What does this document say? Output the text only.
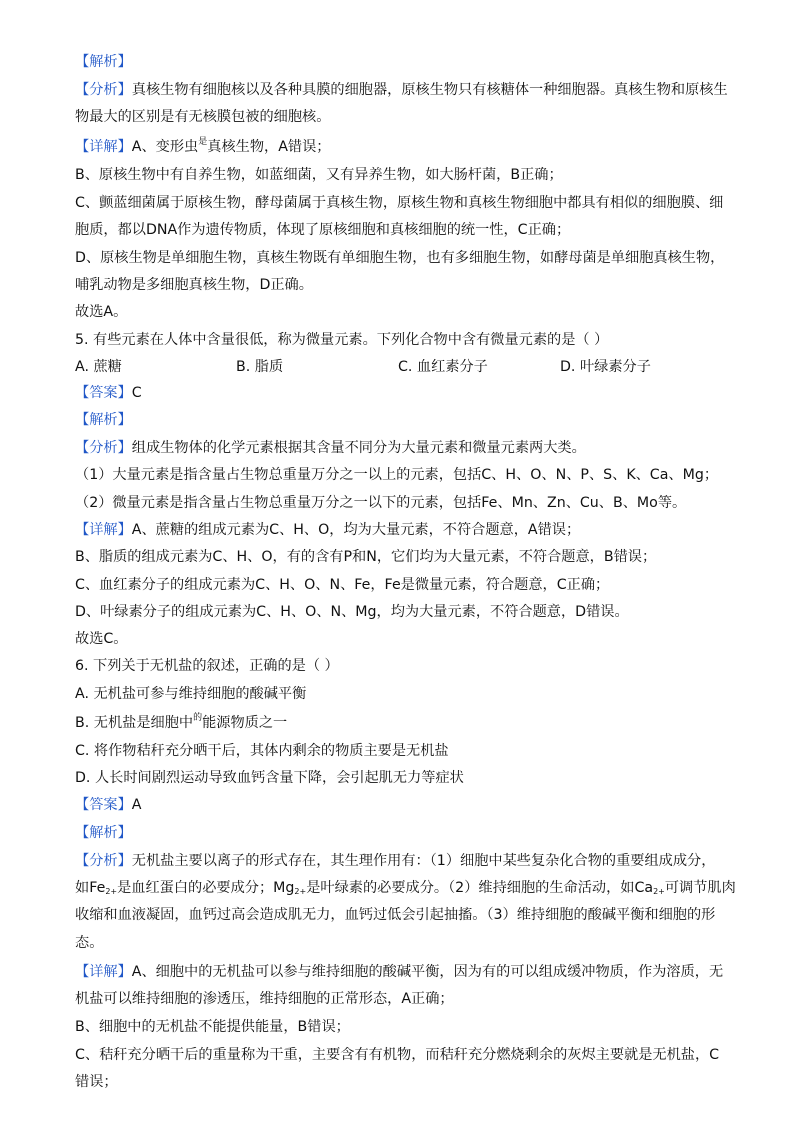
【解析】
【分析】真核生物有细胞核以及各种具膜的细胞器，原核生物只有核糖体一种细胞器。真核生物和原核生
物最大的区别是有无核膜包被的细胞核。
【详解】A、变形虫$^是$真核生物，A错误；
B、原核生物中有自养生物，如蓝细菌，又有异养生物，如大肠杆菌，B正确；
C、颤蓝细菌属于原核生物，酵母菌属于真核生物，原核生物和真核生物细胞中都具有相似的细胞膜、细
胞质，都以DNA作为遗传物质，体现了原核细胞和真核细胞的统一性，C正确；
D、原核生物是单细胞生物，真核生物既有单细胞生物，也有多细胞生物，如酵母菌是单细胞真核生物，
哺乳动物是多细胞真核生物，D正确。
故选A。
5. 有些元素在人体中含量很低，称为微量元素。下列化合物中含有微量元素的是（ ）
A. 蔗糖	B. 脂质	C. 血红素分子	D. 叶绿素分子
【答案】C
【解析】
【分析】组成生物体的化学元素根据其含量不同分为大量元素和微量元素两大类。
（1）大量元素是指含量占生物总重量万分之一以上的元素，包括C、H、O、N、P、S、K、Ca、Mg；
（2）微量元素是指含量占生物总重量万分之一以下的元素，包括Fe、Mn、Zn、Cu、B、Mo等。
【详解】A、蔗糖的组成元素为C、H、O，均为大量元素，不符合题意，A错误；
B、脂质的组成元素为C、H、O，有的含有P和N，它们均为大量元素，不符合题意，B错误；
C、血红素分子的组成元素为C、H、O、N、Fe，Fe是微量元素，符合题意，C正确；
D、叶绿素分子的组成元素为C、H、O、N、Mg，均为大量元素，不符合题意，D错误。
故选C。
6. 下列关于无机盐的叙述，正确的是（ ）
A. 无机盐可参与维持细胞的酸碱平衡
B. 无机盐是细胞中$^的$能源物质之一
C. 将作物秸秆充分晒干后，其体内剩余的物质主要是无机盐
D. 人长时间剧烈运动导致血钙含量下降，会引起肌无力等症状
【答案】A
【解析】
【分析】无机盐主要以离子的形式存在，其生理作用有：（1）细胞中某些复杂化合物的重要组成成分，
如Fe2+是血红蛋白的必要成分；Mg2+是叶绿素的必要成分。（2）维持细胞的生命活动，如Ca2+可调节肌肉
收缩和血液凝固，血钙过高会造成肌无力，血钙过低会引起抽搐。（3）维持细胞的酸碱平衡和细胞的形
态。
【详解】A、细胞中的无机盐可以参与维持细胞的酸碱平衡，因为有的可以组成缓冲物质，作为溶质，无
机盐可以维持细胞的渗透压，维持细胞的正常形态，A正确；
B、细胞中的无机盐不能提供能量，B错误；
C、秸秆充分晒干后的重量称为干重，主要含有有机物，而秸秆充分燃烧剩余的灰烬主要就是无机盐，C
错误；
